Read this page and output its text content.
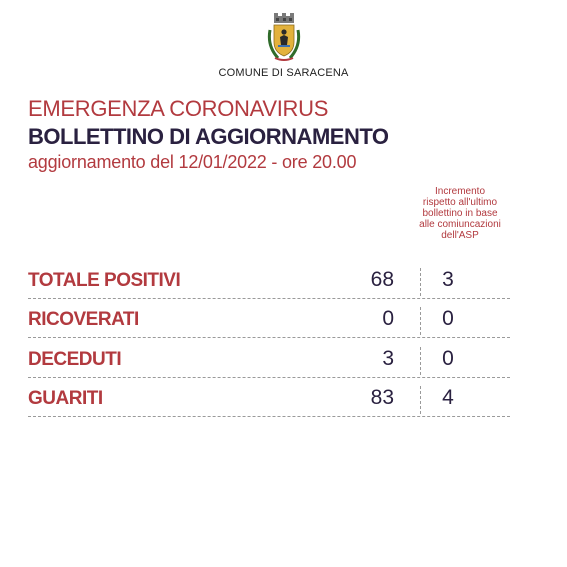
COMUNE DI SARACENA
EMERGENZA CORONAVIRUS
BOLLETTINO DI AGGIORNAMENTO
aggiornamento del 12/01/2022 - ore 20.00
Incremento
rispetto all'ultimo
bollettino in base
alle comiuncazioni
dell'ASP
TOTALE POSITIVI	68	3
RICOVERATI	0	0
DECEDUTI	3	0
GUARITI	83	4
